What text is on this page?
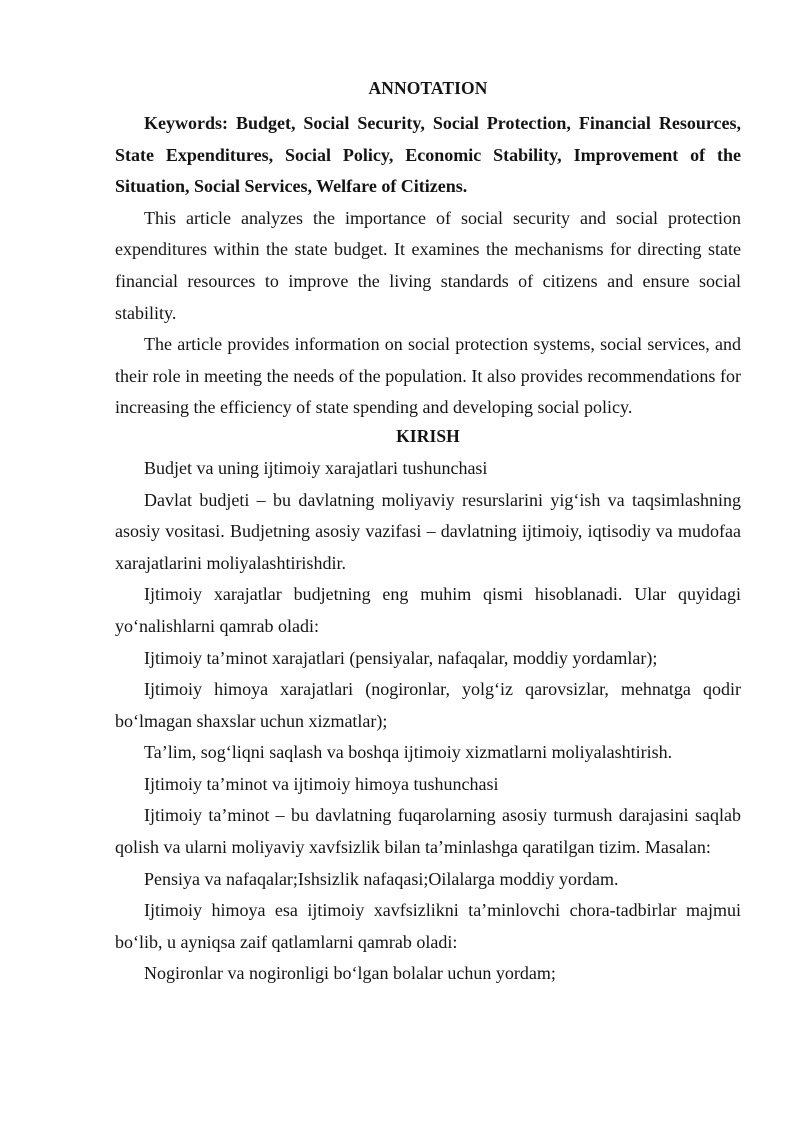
ANNOTATION

Keywords: Budget, Social Security, Social Protection, Financial Resources, State Expenditures, Social Policy, Economic Stability, Improvement of the Situation, Social Services, Welfare of Citizens.

This article analyzes the importance of social security and social protection expenditures within the state budget. It examines the mechanisms for directing state financial resources to improve the living standards of citizens and ensure social stability.

The article provides information on social protection systems, social services, and their role in meeting the needs of the population. It also provides recommendations for increasing the efficiency of state spending and developing social policy.

KIRISH

Budjet va uning ijtimoiy xarajatlari tushunchasi

Davlat budjeti – bu davlatning moliyaviy resurslarini yig‘ish va taqsimlashning asosiy vositasi. Budjetning asosiy vazifasi – davlatning ijtimoiy, iqtisodiy va mudofaa xarajatlarini moliyalashtirishdir.

Ijtimoiy xarajatlar budjetning eng muhim qismi hisoblanadi. Ular quyidagi yo‘nalishlarni qamrab oladi:

Ijtimoiy ta’minot xarajatlari (pensiyalar, nafaqalar, moddiy yordamlar);

Ijtimoiy himoya xarajatlari (nogironlar, yolg‘iz qarovsizlar, mehnatga qodir bo‘lmagan shaxslar uchun xizmatlar);

Ta’lim, sog‘liqni saqlash va boshqa ijtimoiy xizmatlarni moliyalashtirish.

Ijtimoiy ta’minot va ijtimoiy himoya tushunchasi

Ijtimoiy ta’minot – bu davlatning fuqarolarning asosiy turmush darajasini saqlab qolish va ularni moliyaviy xavfsizlik bilan ta’minlashga qaratilgan tizim. Masalan:

Pensiya va nafaqalar;Ishsizlik nafaqasi;Oilalarga moddiy yordam.

Ijtimoiy himoya esa ijtimoiy xavfsizlikni ta’minlovchi chora-tadbirlar majmui bo‘lib, u ayniqsa zaif qatlamlarni qamrab oladi:

Nogironlar va nogironligi bo‘lgan bolalar uchun yordam;
